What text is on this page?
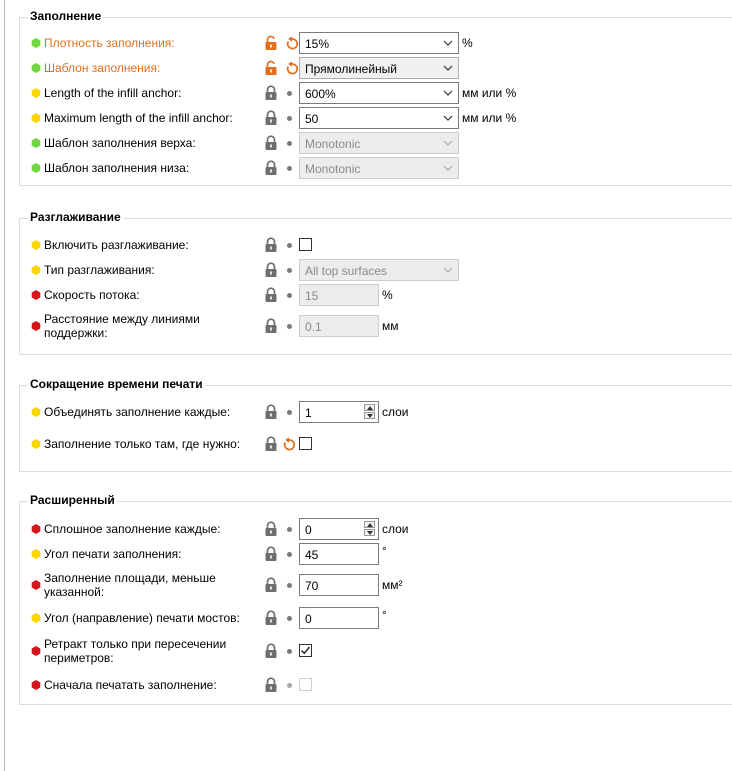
Заполнение
Плотность заполнения:	15%	%
Шаблон заполнения:	Прямолинейный
Length of the infill anchor:	600%	мм или %
Maximum length of the infill anchor:	50	мм или %
Шаблон заполнения верха:	Monotonic
Шаблон заполнения низа:	Monotonic
Разглаживание
Включить разглаживание:
Тип разглаживания:	All top surfaces
Скорость потока:	15	%
Расстояние между линиями поддержки:	0.1	мм
Сокращение времени печати
Объединять заполнение каждые:	1	слои
Заполнение только там, где нужно:
Расширенный
Сплошное заполнение каждые:	0	слои
Угол печати заполнения:	45	°
Заполнение площади, меньше указанной:	70	мм²
Угол (направление) печати мостов:	0	°
Ретракт только при пересечении периметров:
Сначала печатать заполнение:
